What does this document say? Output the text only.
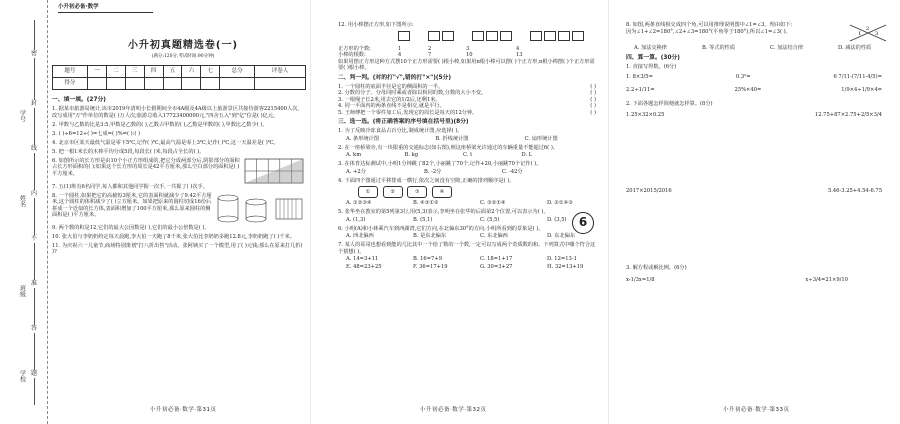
密
封
线
内
不
准
答
题
学号
姓名
班级
学校
小升初必备·数学
小升初真题精选卷(一)
(满分:120分,考试时间:90分钟)
题号	一	二	三	四	五	六	七	总分	评卷人
得分									
一、填一填。(27分)
1. 据某市旅游局统计,该市2019年清明小长假期间全市4A级及4A级以上旅游景区共接待游客2215400人次,改写成用"万"作单位的数是( )万人次;旅游总收入17723400000元,"四舍五入"到"亿"位是( )亿元。
2. 甲数与乙数的比是3:5,甲数是乙数的( ),乙数占甲数的( ),乙数是甲数的( ),甲数比乙数少( )。
3. ( )÷6=12÷( )=七成=( )%=( ):( )
4. 北京市区某天最低气温是零下5℃,记作( )℃,最高气温是零上3℃,记作( )℃,这一天温差是( )℃。
5. 把一根1米长的木棒平均分成5段,每段长( )米,每段占全长的( )。
6. 如图所示的长方形是由10个小正方形组成的,把它分成两部分后,阴影部分的面积占长方形面积的( );如果这个长方形的周长是42平方厘米,那么空白部分的面积是( )平方厘米。
7. 五(1)班有6名同学,每人都和其他同学握一次手,一共握了( )次手。
8. 一个圆柱,如果把它的高截短3厘米,它的表面积就减少了9.42平方厘米,这个圆柱的体积减少了( )立方厘米。如果把原来的圆柱切成16份后拼成一个近似的长方体,表面积增加了100平方厘米,那么原来圆柱的侧面积是( )平方厘米。
9. 两个数的积是12,它们的最大公因数是( ),它们的最小公倍数是( )。
10. 张大伯与李奶奶约定每天晨跑,李大伯一天跑了8千米,张大伯比李奶奶多跑12.8元,李奶奶跑了( )千米。
11. 为庆祝六一儿童节,商场特别策划"打八折出售"活动。张阿姨买了一个模型,用了( )元钱;那么在原来打几折( )?
小升初必备·数学·第31页
12. 用小棒摆正方形,如下图所示:
正方形的个数:	1	2	3	4
小棒的根数:	4	7	10	13
如果用摆正方形这种方式摆10个正方形需要( )根小棒,如果用n根小棒可以摆( )个正方形,n根小棒摆( )个正方形需要( )根小棒。
二、判一判。(对的打"√",错的打"×")(5分)
1. 一个圆柱的底面半径是它的侧面积的一半。	( )
2. 分数的分子、分母同时乘或者除以相同的数,分数的大小不变。	( )
3. 一根绳子长2米,用去它的1/2后,还剩1米。	( )
4. 同一平面内的两条直线不是相交,就是平行。	( )
5. 王师傅把一个零件加工后,发现它的周长是每天的12分钟。	( )
三、选一选。(将正确答案的序号填在括号里)(8分)
1. 为了反映冷冻食品占百分比,制成统计图,应选择( )。
A. 条形统计图	B. 折线统计图	C. 扇形统计图
2. 在一座桥梁旁,有一块限重的交通标志(如右图),则这座桥梁允许通过的车辆重量不能超过6( )。
A. km	B. kg	C. t	D. L
3. 在体育达标测试中,小明1分钟跳了82个,小丽跳了70个,记作+20,小丽跳70个记作( )。
A. +2分	B. -2分	C. -42分
4. 下面四个图通过平移排成一横行,依次之间没有空隙,正确的排列顺序是( )。
①	②	③	④
A. ①②③④	B. ④③①②	C. ③②①④	D. ②①④③
5. 张华坐在教室的第5列第3行,用(5,3)表示,李明坐在张华的后面第2个位置,可以表示为( )。
A. (1,3)	B. (5,1)	C. (5,5)	D. (3,5)
6. 小明(A)和小林乘汽车到西湖湾,它们方向,在北偏东30°的方向,小明所看到的景象是( )。
A. 西北偏西	B. 是东北偏东	C. 东北偏西	D. 东北偏东
7. 某人的哥哥也想看到能的几比其中一个给了数的一个数,一定可以写成两个奇质数的和。下列算式中哪个符合这个猜想( )。
A. 14=3+11	B. 16=7+9	C. 18=1+17	D. 12=13-1
E. 48=23+25	F. 36=17+19	G. 30=3+27	H. 32=13+19
6
小升初必备·数学·第32页
8. 如图,两条直线相交成四个角,可以用推理说明图中∠1=∠3。理由如下:
因为∠1+∠2=180°,∠2+∠3=180°(平角等于180°),所以∠1=∠3( )。	1
2
3
A. 加法交换律	B. 等式的性质	C. 加法结合律	D. 减法的性质
四、算一算。(30分)
1. 直接写得数。(6分)
1. 8×3/5=	0.3²=	6 7/11-(7/11-4/5)=
2.2÷1/11=	25%×40=	1/9×4÷1/9×4=
2. 下面各题怎样简便就怎样算。(8分)
1.25×32×0.25	12.75+87×2.75+2/5×3/4
2017×2015/2016	5.46-3.25+4.54-6.75
3. 解方程或解比例。(6分)
x-1/3x=1/8	x÷3/4=21×9/10
小升初必备·数学·第33页
